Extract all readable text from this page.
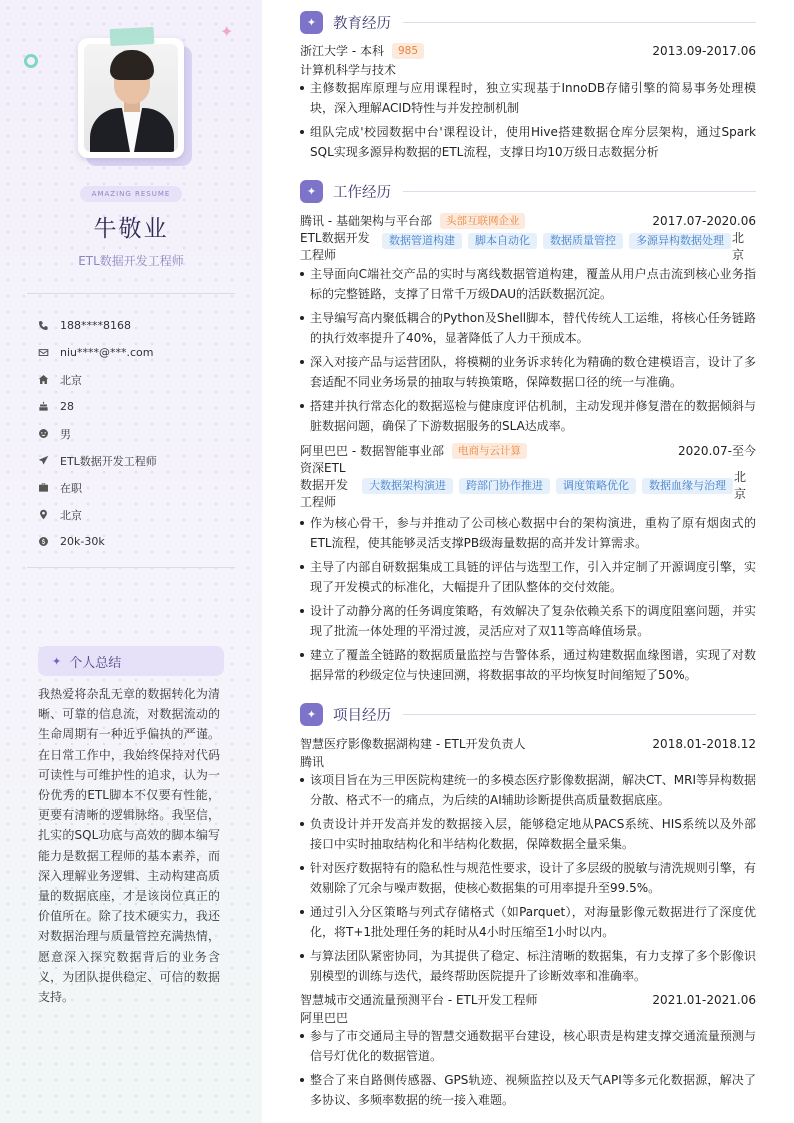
✦
AMAZING RESUME
牛敬业
ETL数据开发工程师
188****8168
niu****@***.com
北京
28
男
ETL数据开发工程师
在职
北京
20k-30k
✦ 个人总结
我热爱将杂乱无章的数据转化为清晰、可靠的信息流，对数据流动的生命周期有一种近乎偏执的严谨。在日常工作中，我始终保持对代码可读性与可维护性的追求，认为一份优秀的ETL脚本不仅要有性能，更要有清晰的逻辑脉络。我坚信，扎实的SQL功底与高效的脚本编写能力是数据工程师的基本素养，而深入理解业务逻辑、主动构建高质量的数据底座，才是该岗位真正的价值所在。除了技术硬实力，我还对数据治理与质量管控充满热情，愿意深入探究数据背后的业务含义，为团队提供稳定、可信的数据支持。
✦	教育经历
浙江大学 - 本科	985	2013.09-2017.06
计算机科学与技术
主修数据库原理与应用课程时，独立实现基于InnoDB存储引擎的简易事务处理模块，深入理解ACID特性与并发控制机制
组队完成'校园数据中台'课程设计，使用Hive搭建数据仓库分层架构，通过Spark SQL实现多源异构数据的ETL流程，支撑日均10万级日志数据分析
✦	工作经历
腾讯 - 基础架构与平台部	头部互联网企业	2017.07-2020.06
ETL数据开发工程师
数据管道构建	脚本自动化	数据质量管控	多源异构数据处理 北京
主导面向C端社交产品的实时与离线数据管道构建，覆盖从用户点击流到核心业务指标的完整链路，支撑了日常千万级DAU的活跃数据沉淀。
主导编写高内聚低耦合的Python及Shell脚本，替代传统人工运维，将核心任务链路的执行效率提升了40%，显著降低了人力干预成本。
深入对接产品与运营团队，将模糊的业务诉求转化为精确的数仓建模语言，设计了多套适配不同业务场景的抽取与转换策略，保障数据口径的统一与准确。
搭建并执行常态化的数据巡检与健康度评估机制，主动发现并修复潜在的数据倾斜与脏数据问题，确保了下游数据服务的SLA达成率。
阿里巴巴 - 数据智能事业部	电商与云计算	2020.07-至今
资深ETL数据开发工程师
大数据架构演进	跨部门协作推进	调度策略优化	数据血缘与治理
北京
作为核心骨干，参与并推动了公司核心数据中台的架构演进，重构了原有烟囱式的ETL流程，使其能够灵活支撑PB级海量数据的高并发计算需求。
主导了内部自研数据集成工具链的评估与选型工作，引入并定制了开源调度引擎，实现了开发模式的标准化，大幅提升了团队整体的交付效能。
设计了动静分离的任务调度策略，有效解决了复杂依赖关系下的调度阻塞问题，并实现了批流一体处理的平滑过渡，灵活应对了双11等高峰值场景。
建立了覆盖全链路的数据质量监控与告警体系，通过构建数据血缘图谱，实现了对数据异常的秒级定位与快速回溯，将数据事故的平均恢复时间缩短了50%。
✦	项目经历
智慧医疗影像数据湖构建 - ETL开发负责人	2018.01-2018.12
腾讯
该项目旨在为三甲医院构建统一的多模态医疗影像数据湖，解决CT、MRI等异构数据分散、格式不一的痛点，为后续的AI辅助诊断提供高质量数据底座。
负责设计并开发高并发的数据接入层，能够稳定地从PACS系统、HIS系统以及外部接口中实时抽取结构化和半结构化数据，保障数据全量采集。
针对医疗数据特有的隐私性与规范性要求，设计了多层级的脱敏与清洗规则引擎，有效剔除了冗余与噪声数据，使核心数据集的可用率提升至99.5%。
通过引入分区策略与列式存储格式（如Parquet），对海量影像元数据进行了深度优化，将T+1批处理任务的耗时从4小时压缩至1小时以内。
与算法团队紧密协同，为其提供了稳定、标注清晰的数据集，有力支撑了多个影像识别模型的训练与迭代，最终帮助医院提升了诊断效率和准确率。
智慧城市交通流量预测平台 - ETL开发工程师	2021.01-2021.06
阿里巴巴
参与了市交通局主导的智慧交通数据平台建设，核心职责是构建支撑交通流量预测与信号灯优化的数据管道。
整合了来自路侧传感器、GPS轨迹、视频监控以及天气API等多元化数据源，解决了多协议、多频率数据的统一接入难题。
